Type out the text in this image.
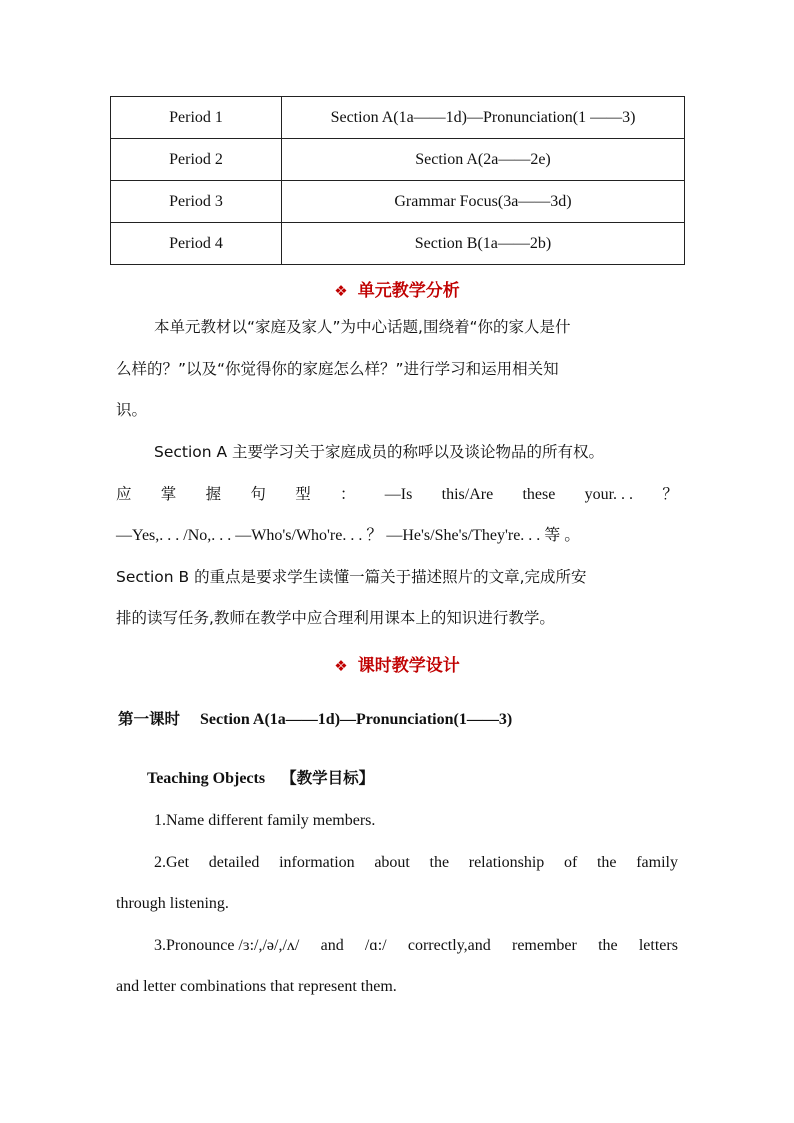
Period 1	Section A(1a——1d)—Pronunciation(1 ——3)
Period 2	Section A(2a——2e)
Period 3	Grammar Focus(3a——3d)
Period 4	Section B(1a——2b)
❖ 单元教学分析
本单元教材以“家庭及家人”为中心话题,围绕着“你的家人是什
么样的？”以及“你觉得你的家庭怎么样？”进行学习和运用相关知
识。
Section A 主要学习关于家庭成员的称呼以及谈论物品的所有权。
应 掌 握 句 型 ： —Is this/Are these your. . . ？
—Yes,. . . /No,. . . —Who's/Who're. . . ？ —He's/She's/They're. . . 等 。
Section B 的重点是要求学生读懂一篇关于描述照片的文章,完成所安
排的读写任务,教师在教学中应合理利用课本上的知识进行教学。
❖ 课时教学设计
第一课时 Section A(1a——1d)—Pronunciation(1——3)
Teaching Objects 【教学目标】
1.Name different family members.
2.Get detailed information about the relationship of the family
through listening.
3.Pronounce /ɜ:/,/ə/,/ʌ/ and /ɑ:/ correctly,and remember the letters
and letter combinations that represent them.
